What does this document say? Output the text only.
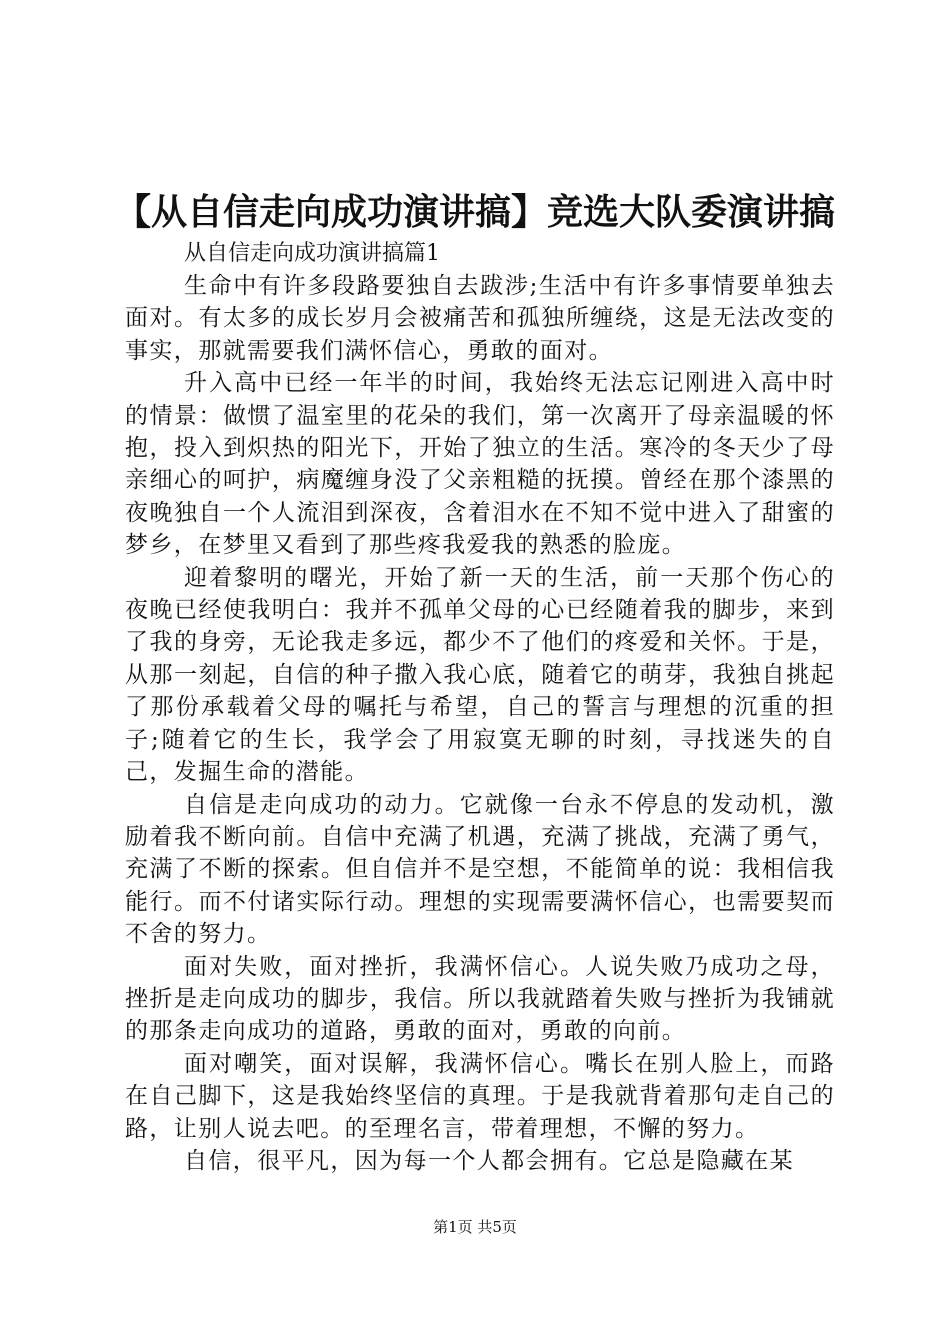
【从自信走向成功演讲搞】竞选大队委演讲搞

从自信走向成功演讲搞篇1

生命中有许多段路要独自去跋涉;生活中有许多事情要单独去面对。有太多的成长岁月会被痛苦和孤独所缠绕，这是无法改变的事实，那就需要我们满怀信心，勇敢的面对。

升入高中已经一年半的时间，我始终无法忘记刚进入高中时的情景：做惯了温室里的花朵的我们，第一次离开了母亲温暖的怀抱，投入到炽热的阳光下，开始了独立的生活。寒冷的冬天少了母亲细心的呵护，病魔缠身没了父亲粗糙的抚摸。曾经在那个漆黑的夜晚独自一个人流泪到深夜，含着泪水在不知不觉中进入了甜蜜的梦乡，在梦里又看到了那些疼我爱我的熟悉的脸庞。

迎着黎明的曙光，开始了新一天的生活，前一天那个伤心的夜晚已经使我明白：我并不孤单父母的心已经随着我的脚步，来到了我的身旁，无论我走多远，都少不了他们的疼爱和关怀。于是，从那一刻起，自信的种子撒入我心底，随着它的萌芽，我独自挑起了那份承载着父母的嘱托与希望，自己的誓言与理想的沉重的担子;随着它的生长，我学会了用寂寞无聊的时刻，寻找迷失的自己，发掘生命的潜能。

自信是走向成功的动力。它就像一台永不停息的发动机，激励着我不断向前。自信中充满了机遇，充满了挑战，充满了勇气，充满了不断的探索。但自信并不是空想，不能简单的说：我相信我能行。而不付诸实际行动。理想的实现需要满怀信心，也需要契而不舍的努力。

面对失败，面对挫折，我满怀信心。人说失败乃成功之母，挫折是走向成功的脚步，我信。所以我就踏着失败与挫折为我铺就的那条走向成功的道路，勇敢的面对，勇敢的向前。

面对嘲笑，面对误解，我满怀信心。嘴长在别人脸上，而路在自己脚下，这是我始终坚信的真理。于是我就背着那句走自己的路，让别人说去吧。的至理名言，带着理想，不懈的努力。

自信，很平凡，因为每一个人都会拥有。它总是隐藏在某

第1页 共5页
